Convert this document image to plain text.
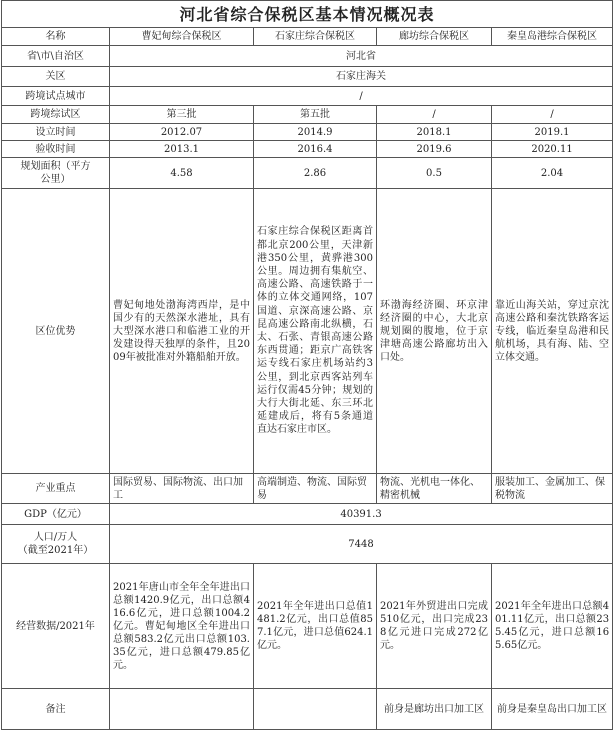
河北省综合保税区基本情况概况表				
名称	曹妃甸综合保税区	石家庄综合保税区	廊坊综合保税区	秦皇岛港综合保税区
省\市\自治区	河北省			
关区	石家庄海关			
跨境试点城市	/			
跨境综试区	第三批	第五批	/	/
设立时间	2012.07	2014.9	2018.1	2019.1
验收时间	2013.1	2016.4	2019.6	2020.11
规划面积（平方公里）	4.58	2.86	0.5	2.04
区位优势	曹妃甸地处渤海湾西岸，是中国少有的天然深水港址，具有大型深水港口和临港工业的开发建设得天独厚的条件，且2009年被批准对外籍船舶开放。	石家庄综合保税区距离首都北京200公里，天津新港350公里，黄骅港300公里。周边拥有集航空、高速公路、高速铁路于一体的立体交通网络，107国道、京深高速公路、京昆高速公路南北纵横，石太、石张、青银高速公路东西贯通；距京广高铁客运专线石家庄机场站约3公里，到北京西客站列车运行仅需45分钟；规划的大行大街北延、东三环北延建成后，将有5条通道直达石家庄市区。	环渤海经济圈、环京津经济圈的中心，大北京规划圈的腹地，位于京津塘高速公路廊坊出入口处。	靠近山海关站，穿过京沈高速公路和秦沈铁路客运专线，临近秦皇岛港和民航机场，具有海、陆、空立体交通。
产业重点	国际贸易、国际物流、出口加工	高端制造、物流、国际贸易	物流、光机电一体化、精密机械	服装加工、金属加工、保税物流
GDP（亿元）	40391.3			

人口/万人
（截至2021年）	7448			
经营数据/2021年	2021年唐山市全年全年进出口总额1420.9亿元，出口总额416.6亿元，进口总额1004.2亿元。曹妃甸地区全年进出口总额583.2亿元出口总额103.35亿元，进口总额479.85亿元。	2021年全年进出口总值1481.2亿元，出口总值857.1亿元，进口总值624.1亿元。	2021年外贸进出口完成510亿元，出口完成238亿元进口完成272亿元。	2021年全年进出口总额401.11亿元，出口总额235.45亿元，进口总额165.65亿元。
备注			前身是廊坊出口加工区	前身是秦皇岛出口加工区
